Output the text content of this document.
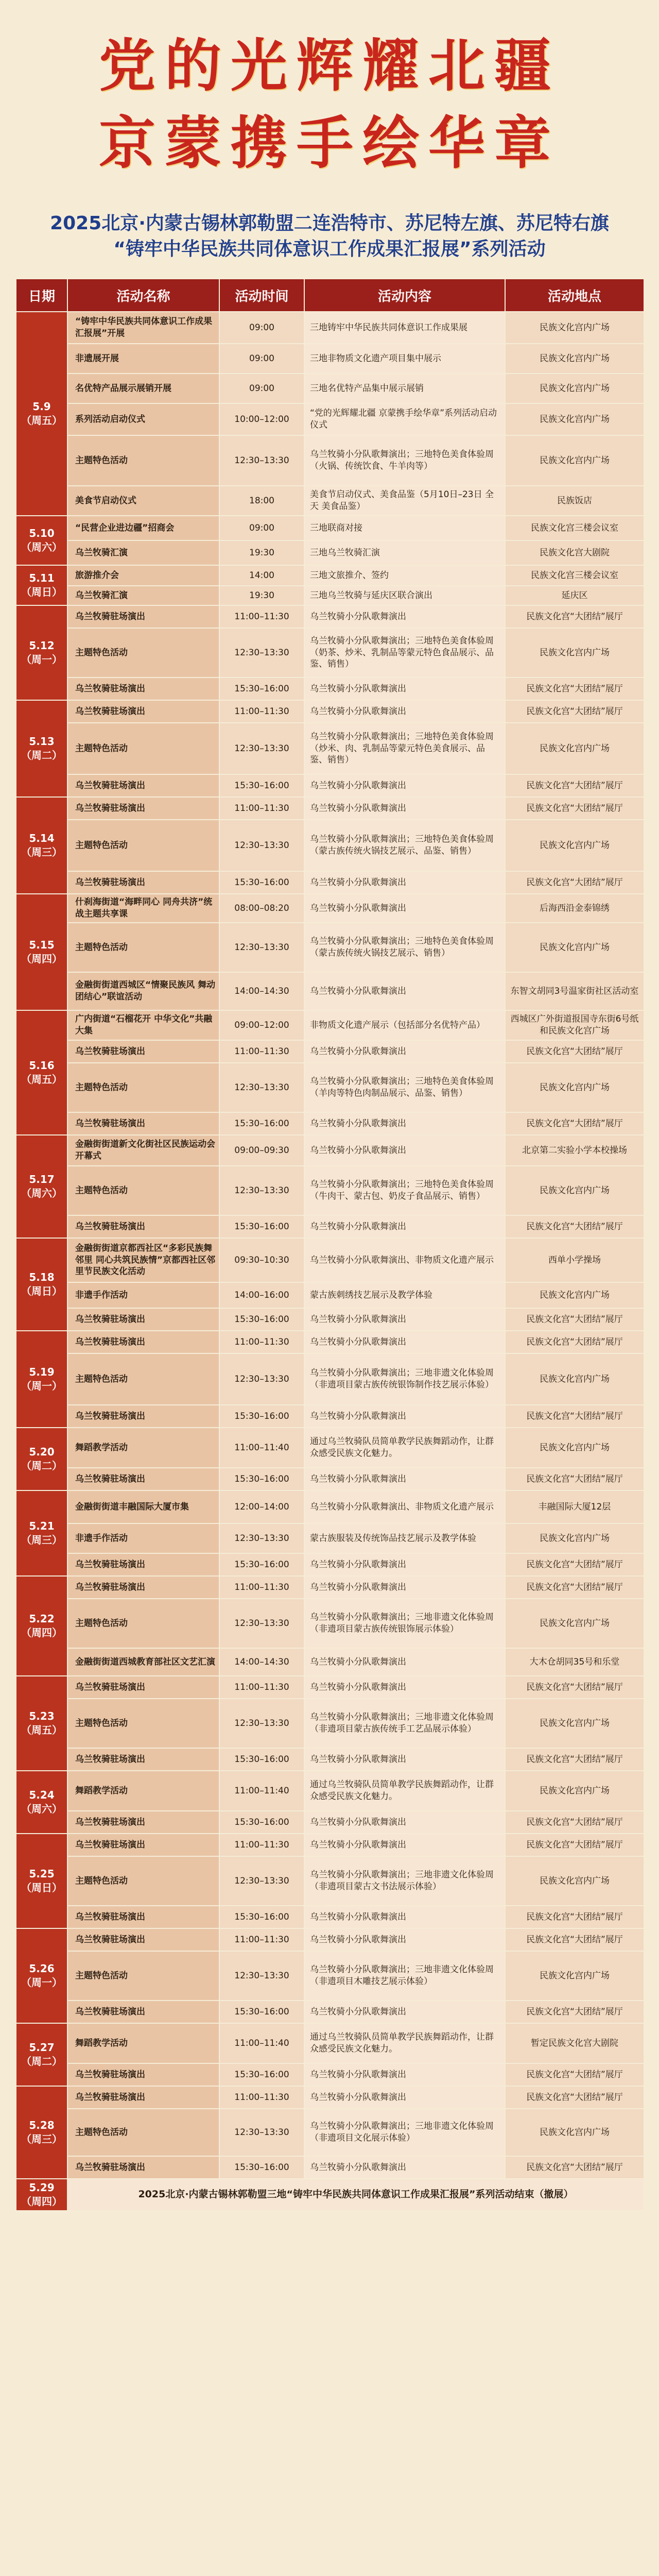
党的光辉耀北疆
京蒙携手绘华章
2025北京·内蒙古锡林郭勒盟二连浩特市、苏尼特左旗、苏尼特右旗
“铸牢中华民族共同体意识工作成果汇报展”系列活动
日期	活动名称	活动时间	活动内容	活动地点

5.9
（周五）	“铸牢中华民族共同体意识工作成果汇报展”开展	09:00	三地铸牢中华民族共同体意识工作成果展	民族文化宫内广场
	非遗展开展	09:00	三地非物质文化遗产项目集中展示	民族文化宫内广场
	名优特产品展示展销开展	09:00	三地名优特产品集中展示展销	民族文化宫内广场
	系列活动启动仪式	10:00–12:00	“党的光辉耀北疆 京蒙携手绘华章”系列活动启动仪式	民族文化宫内广场
	主题特色活动	12:30–13:30	乌兰牧骑小分队歌舞演出；三地特色美食体验周（火锅、传统饮食、牛羊肉等）	民族文化宫内广场
	美食节启动仪式	18:00	美食节启动仪式、美食品鉴（5月10日–23日 全天 美食品鉴）	民族饭店

5.10
（周六）	“民营企业进边疆”招商会	09:00	三地联商对接	民族文化宫三楼会议室
	乌兰牧骑汇演	19:30	三地乌兰牧骑汇演	民族文化宫大剧院

5.11
（周日）	旅游推介会	14:00	三地文旅推介、签约	民族文化宫三楼会议室
	乌兰牧骑汇演	19:30	三地乌兰牧骑与延庆区联合演出	延庆区

5.12
（周一）	乌兰牧骑驻场演出	11:00–11:30	乌兰牧骑小分队歌舞演出	民族文化宫“大团结”展厅
	主题特色活动	12:30–13:30	乌兰牧骑小分队歌舞演出；三地特色美食体验周（奶茶、炒米、乳制品等蒙元特色食品展示、品鉴、销售）	民族文化宫内广场
	乌兰牧骑驻场演出	15:30–16:00	乌兰牧骑小分队歌舞演出	民族文化宫“大团结”展厅

5.13
（周二）	乌兰牧骑驻场演出	11:00–11:30	乌兰牧骑小分队歌舞演出	民族文化宫“大团结”展厅
	主题特色活动	12:30–13:30	乌兰牧骑小分队歌舞演出；三地特色美食体验周（炒米、肉、乳制品等蒙元特色美食展示、品鉴、销售）	民族文化宫内广场
	乌兰牧骑驻场演出	15:30–16:00	乌兰牧骑小分队歌舞演出	民族文化宫“大团结”展厅

5.14
（周三）	乌兰牧骑驻场演出	11:00–11:30	乌兰牧骑小分队歌舞演出	民族文化宫“大团结”展厅
	主题特色活动	12:30–13:30	乌兰牧骑小分队歌舞演出；三地特色美食体验周（蒙古族传统火锅技艺展示、品鉴、销售）	民族文化宫内广场
	乌兰牧骑驻场演出	15:30–16:00	乌兰牧骑小分队歌舞演出	民族文化宫“大团结”展厅

5.15
（周四）	什刹海街道“海畔同心 同舟共济”统战主题共享课	08:00–08:20	乌兰牧骑小分队歌舞演出	后海西沿金泰锦绣
	主题特色活动	12:30–13:30	乌兰牧骑小分队歌舞演出；三地特色美食体验周（蒙古族传统火锅技艺展示、销售）	民族文化宫内广场
	金融街街道西城区“情聚民族风 舞动团结心”联谊活动	14:00–14:30	乌兰牧骑小分队歌舞演出	东智文胡同3号温家街社区活动室

5.16
（周五）	广内街道“石榴花开 中华文化”共融大集	09:00–12:00	非物质文化遗产展示（包括部分名优特产品）	西城区广外街道报国寺东街6号纸和民族文化宫广场
	乌兰牧骑驻场演出	11:00–11:30	乌兰牧骑小分队歌舞演出	民族文化宫“大团结”展厅
	主题特色活动	12:30–13:30	乌兰牧骑小分队歌舞演出；三地特色美食体验周（羊肉等特色肉制品展示、品鉴、销售）	民族文化宫内广场
	乌兰牧骑驻场演出	15:30–16:00	乌兰牧骑小分队歌舞演出	民族文化宫“大团结”展厅

5.17
（周六）	金融街街道新文化街社区民族运动会开幕式	09:00–09:30	乌兰牧骑小分队歌舞演出	北京第二实验小学本校操场
	主题特色活动	12:30–13:30	乌兰牧骑小分队歌舞演出；三地特色美食体验周（牛肉干、蒙古包、奶皮子食品展示、销售）	民族文化宫内广场
	乌兰牧骑驻场演出	15:30–16:00	乌兰牧骑小分队歌舞演出	民族文化宫“大团结”展厅

5.18
（周日）	金融街街道京都西社区“多彩民族舞邻里 同心共筑民族情”京都西社区邻里节民族文化活动	09:30–10:30	乌兰牧骑小分队歌舞演出、非物质文化遗产展示	西单小学操场
	非遗手作活动	14:00–16:00	蒙古族刺绣技艺展示及教学体验	民族文化宫内广场
	乌兰牧骑驻场演出	15:30–16:00	乌兰牧骑小分队歌舞演出	民族文化宫“大团结”展厅

5.19
（周一）	乌兰牧骑驻场演出	11:00–11:30	乌兰牧骑小分队歌舞演出	民族文化宫“大团结”展厅
	主题特色活动	12:30–13:30	乌兰牧骑小分队歌舞演出；三地非遗文化体验周（非遗项目蒙古族传统银饰制作技艺展示体验）	民族文化宫内广场
	乌兰牧骑驻场演出	15:30–16:00	乌兰牧骑小分队歌舞演出	民族文化宫“大团结”展厅

5.20
（周二）	舞蹈教学活动	11:00–11:40	通过乌兰牧骑队员简单教学民族舞蹈动作，让群众感受民族文化魅力。	民族文化宫内广场
	乌兰牧骑驻场演出	15:30–16:00	乌兰牧骑小分队歌舞演出	民族文化宫“大团结”展厅

5.21
（周三）	金融街街道丰融国际大厦市集	12:00–14:00	乌兰牧骑小分队歌舞演出、非物质文化遗产展示	丰融国际大厦12层
	非遗手作活动	12:30–13:30	蒙古族服装及传统饰品技艺展示及教学体验	民族文化宫内广场
	乌兰牧骑驻场演出	15:30–16:00	乌兰牧骑小分队歌舞演出	民族文化宫“大团结”展厅

5.22
（周四）	乌兰牧骑驻场演出	11:00–11:30	乌兰牧骑小分队歌舞演出	民族文化宫“大团结”展厅
	主题特色活动	12:30–13:30	乌兰牧骑小分队歌舞演出；三地非遗文化体验周（非遗项目蒙古族传统银饰展示体验）	民族文化宫内广场
	金融街街道西城教育部社区文艺汇演	14:00–14:30	乌兰牧骑小分队歌舞演出	大木仓胡同35号和乐堂

5.23
（周五）	乌兰牧骑驻场演出	11:00–11:30	乌兰牧骑小分队歌舞演出	民族文化宫“大团结”展厅
	主题特色活动	12:30–13:30	乌兰牧骑小分队歌舞演出；三地非遗文化体验周（非遗项目蒙古族传统手工艺品展示体验）	民族文化宫内广场
	乌兰牧骑驻场演出	15:30–16:00	乌兰牧骑小分队歌舞演出	民族文化宫“大团结”展厅

5.24
（周六）	舞蹈教学活动	11:00–11:40	通过乌兰牧骑队员简单教学民族舞蹈动作，让群众感受民族文化魅力。	民族文化宫内广场
	乌兰牧骑驻场演出	15:30–16:00	乌兰牧骑小分队歌舞演出	民族文化宫“大团结”展厅

5.25
（周日）	乌兰牧骑驻场演出	11:00–11:30	乌兰牧骑小分队歌舞演出	民族文化宫“大团结”展厅
	主题特色活动	12:30–13:30	乌兰牧骑小分队歌舞演出；三地非遗文化体验周（非遗项目蒙古文书法展示体验）	民族文化宫内广场
	乌兰牧骑驻场演出	15:30–16:00	乌兰牧骑小分队歌舞演出	民族文化宫“大团结”展厅

5.26
（周一）	乌兰牧骑驻场演出	11:00–11:30	乌兰牧骑小分队歌舞演出	民族文化宫“大团结”展厅
	主题特色活动	12:30–13:30	乌兰牧骑小分队歌舞演出；三地非遗文化体验周（非遗项目木雕技艺展示体验）	民族文化宫内广场
	乌兰牧骑驻场演出	15:30–16:00	乌兰牧骑小分队歌舞演出	民族文化宫“大团结”展厅

5.27
（周二）	舞蹈教学活动	11:00–11:40	通过乌兰牧骑队员简单教学民族舞蹈动作，让群众感受民族文化魅力。	暂定民族文化宫大剧院
	乌兰牧骑驻场演出	15:30–16:00	乌兰牧骑小分队歌舞演出	民族文化宫“大团结”展厅

5.28
（周三）	乌兰牧骑驻场演出	11:00–11:30	乌兰牧骑小分队歌舞演出	民族文化宫“大团结”展厅
	主题特色活动	12:30–13:30	乌兰牧骑小分队歌舞演出；三地非遗文化体验周（非遗项目文化展示体验）	民族文化宫内广场
	乌兰牧骑驻场演出	15:30–16:00	乌兰牧骑小分队歌舞演出	民族文化宫“大团结”展厅

5.29
（周四）	2025北京·内蒙古锡林郭勒盟三地“铸牢中华民族共同体意识工作成果汇报展”系列活动结束（撤展）			
